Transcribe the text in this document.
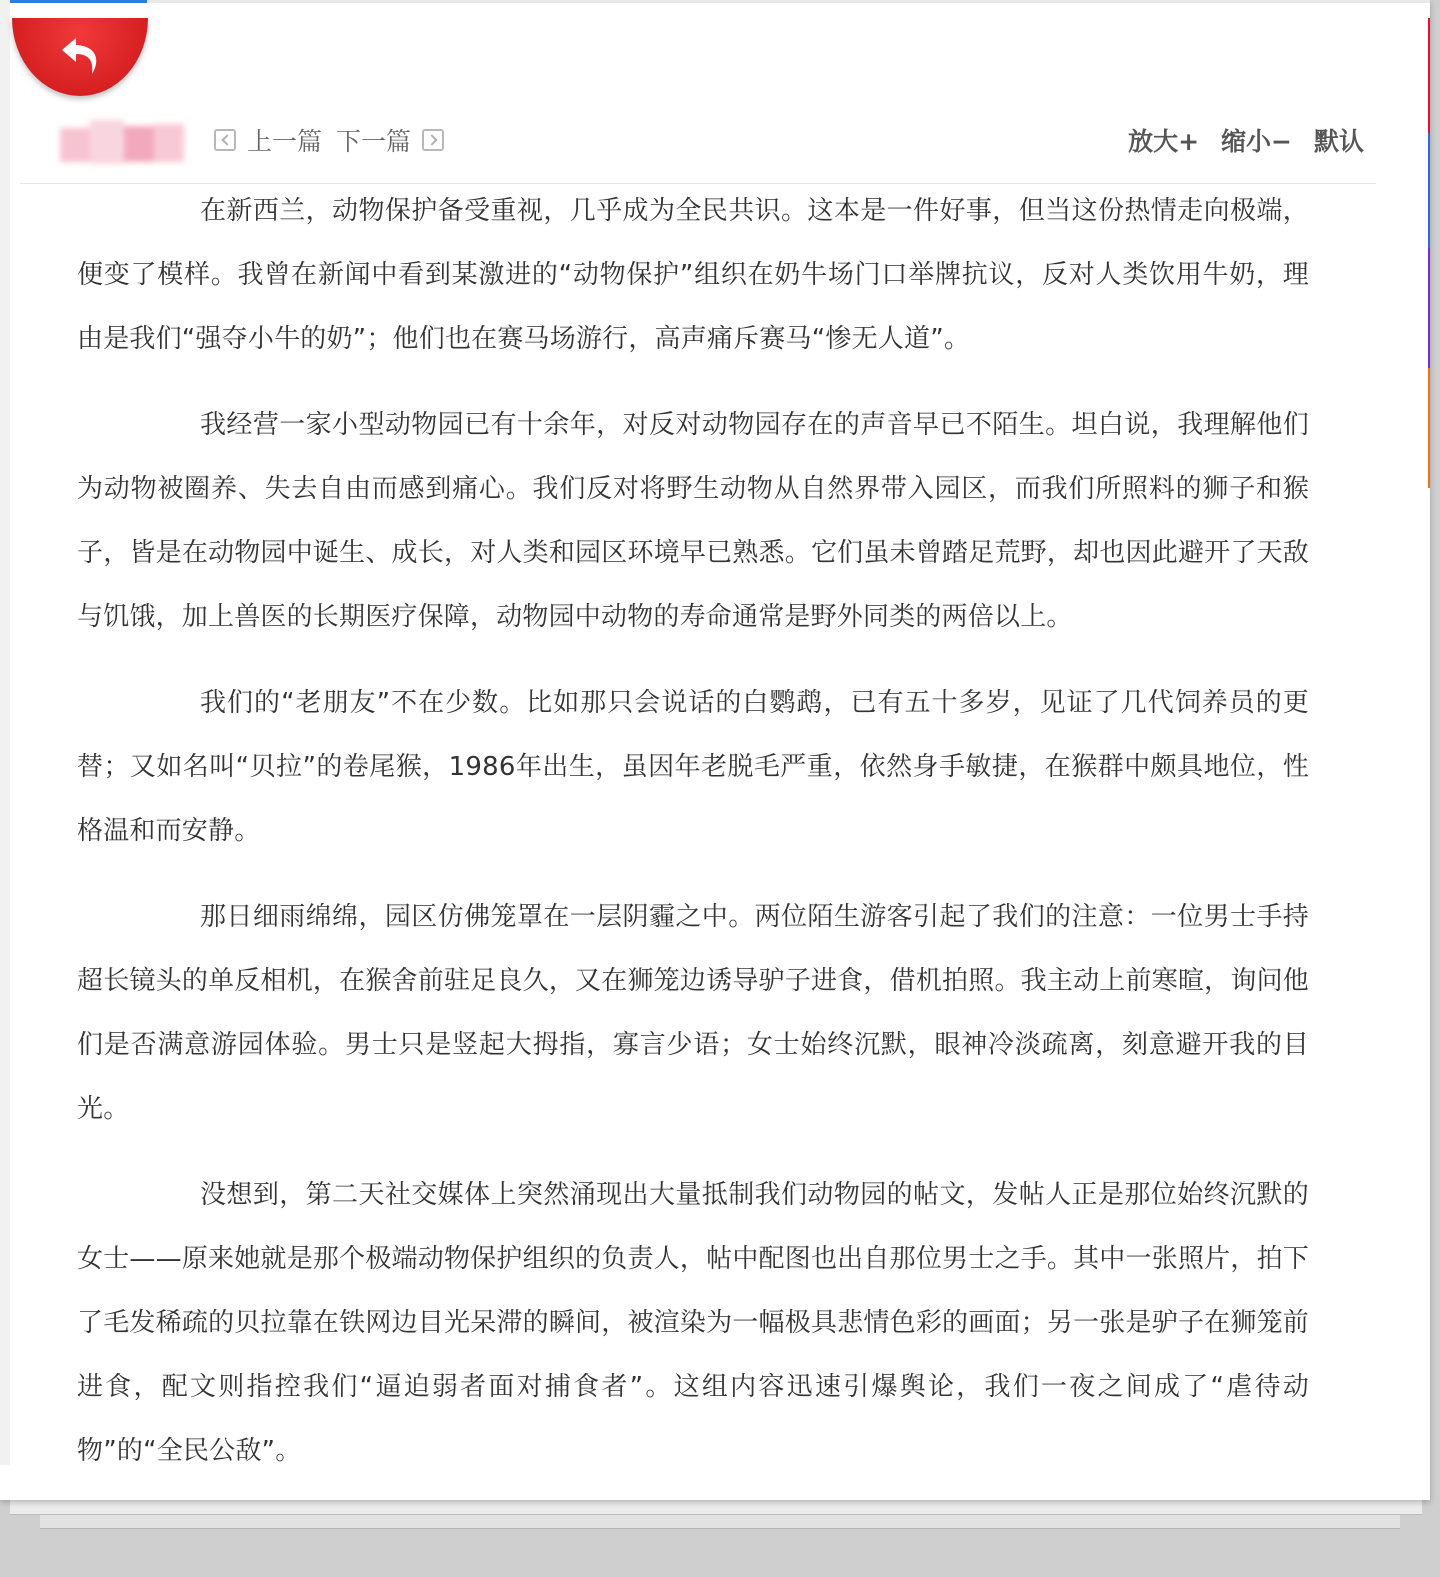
上一篇 下一篇	放大+ 缩小− 默认

在新西兰，动物保护备受重视，几乎成为全民共识。这本是一件好事，但当这份热情走向极端，便变了模样。我曾在新闻中看到某激进的“动物保护”组织在奶牛场门口举牌抗议，反对人类饮用牛奶，理由是我们“强夺小牛的奶”；他们也在赛马场游行，高声痛斥赛马“惨无人道”。

我经营一家小型动物园已有十余年，对反对动物园存在的声音早已不陌生。坦白说，我理解他们为动物被圈养、失去自由而感到痛心。我们反对将野生动物从自然界带入园区，而我们所照料的狮子和猴子，皆是在动物园中诞生、成长，对人类和园区环境早已熟悉。它们虽未曾踏足荒野，却也因此避开了天敌与饥饿，加上兽医的长期医疗保障，动物园中动物的寿命通常是野外同类的两倍以上。

我们的“老朋友”不在少数。比如那只会说话的白鹦鹉，已有五十多岁，见证了几代饲养员的更替；又如名叫“贝拉”的卷尾猴，1986年出生，虽因年老脱毛严重，依然身手敏捷，在猴群中颇具地位，性格温和而安静。

那日细雨绵绵，园区仿佛笼罩在一层阴霾之中。两位陌生游客引起了我们的注意：一位男士手持超长镜头的单反相机，在猴舍前驻足良久，又在狮笼边诱导驴子进食，借机拍照。我主动上前寒暄，询问他们是否满意游园体验。男士只是竖起大拇指，寡言少语；女士始终沉默，眼神冷淡疏离，刻意避开我的目光。

没想到，第二天社交媒体上突然涌现出大量抵制我们动物园的帖文，发帖人正是那位始终沉默的女士——原来她就是那个极端动物保护组织的负责人，帖中配图也出自那位男士之手。其中一张照片，拍下了毛发稀疏的贝拉靠在铁网边目光呆滞的瞬间，被渲染为一幅极具悲情色彩的画面；另一张是驴子在狮笼前进食，配文则指控我们“逼迫弱者面对捕食者”。这组内容迅速引爆舆论，我们一夜之间成了“虐待动物”的“全民公敌”。
